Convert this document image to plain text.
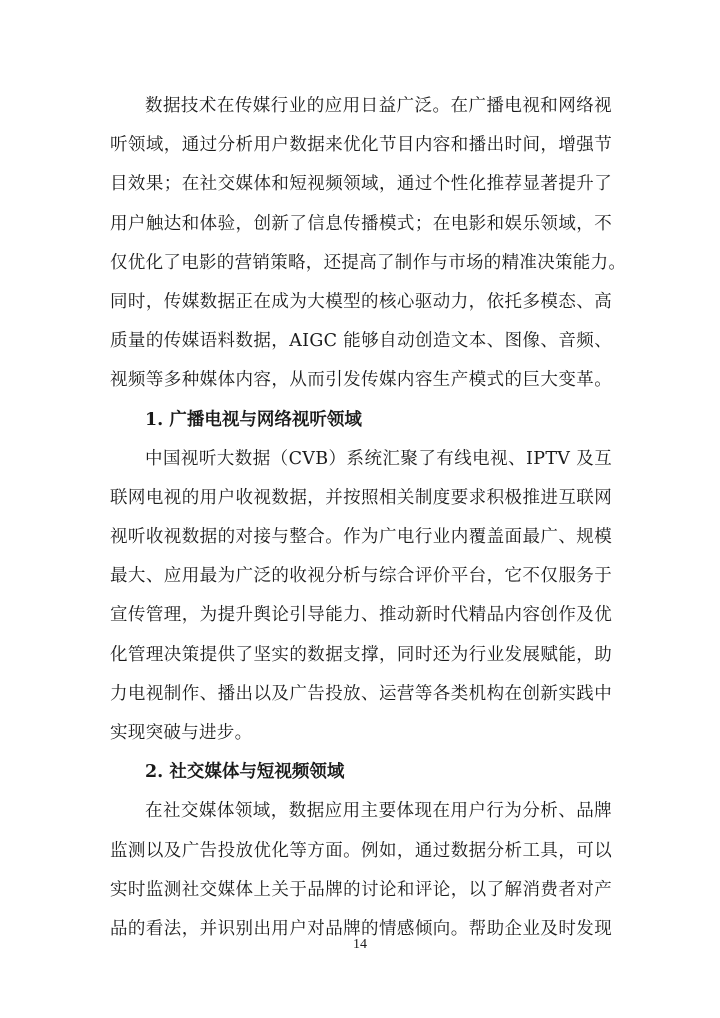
数据技术在传媒行业的应用日益广泛。在广播电视和网络视
听领域，通过分析用户数据来优化节目内容和播出时间，增强节
目效果；在社交媒体和短视频领域，通过个性化推荐显著提升了
用户触达和体验，创新了信息传播模式；在电影和娱乐领域，不
仅优化了电影的营销策略，还提高了制作与市场的精准决策能力。
同时，传媒数据正在成为大模型的核心驱动力，依托多模态、高
质量的传媒语料数据，AIGC 能够自动创造文本、图像、音频、
视频等多种媒体内容，从而引发传媒内容生产模式的巨大变革。
1. 广播电视与网络视听领域
中国视听大数据（CVB）系统汇聚了有线电视、IPTV 及互
联网电视的用户收视数据，并按照相关制度要求积极推进互联网
视听收视数据的对接与整合。作为广电行业内覆盖面最广、规模
最大、应用最为广泛的收视分析与综合评价平台，它不仅服务于
宣传管理，为提升舆论引导能力、推动新时代精品内容创作及优
化管理决策提供了坚实的数据支撑，同时还为行业发展赋能，助
力电视制作、播出以及广告投放、运营等各类机构在创新实践中
实现突破与进步。
2. 社交媒体与短视频领域
在社交媒体领域，数据应用主要体现在用户行为分析、品牌
监测以及广告投放优化等方面。例如，通过数据分析工具，可以
实时监测社交媒体上关于品牌的讨论和评论，以了解消费者对产
品的看法，并识别出用户对品牌的情感倾向。帮助企业及时发现
14
